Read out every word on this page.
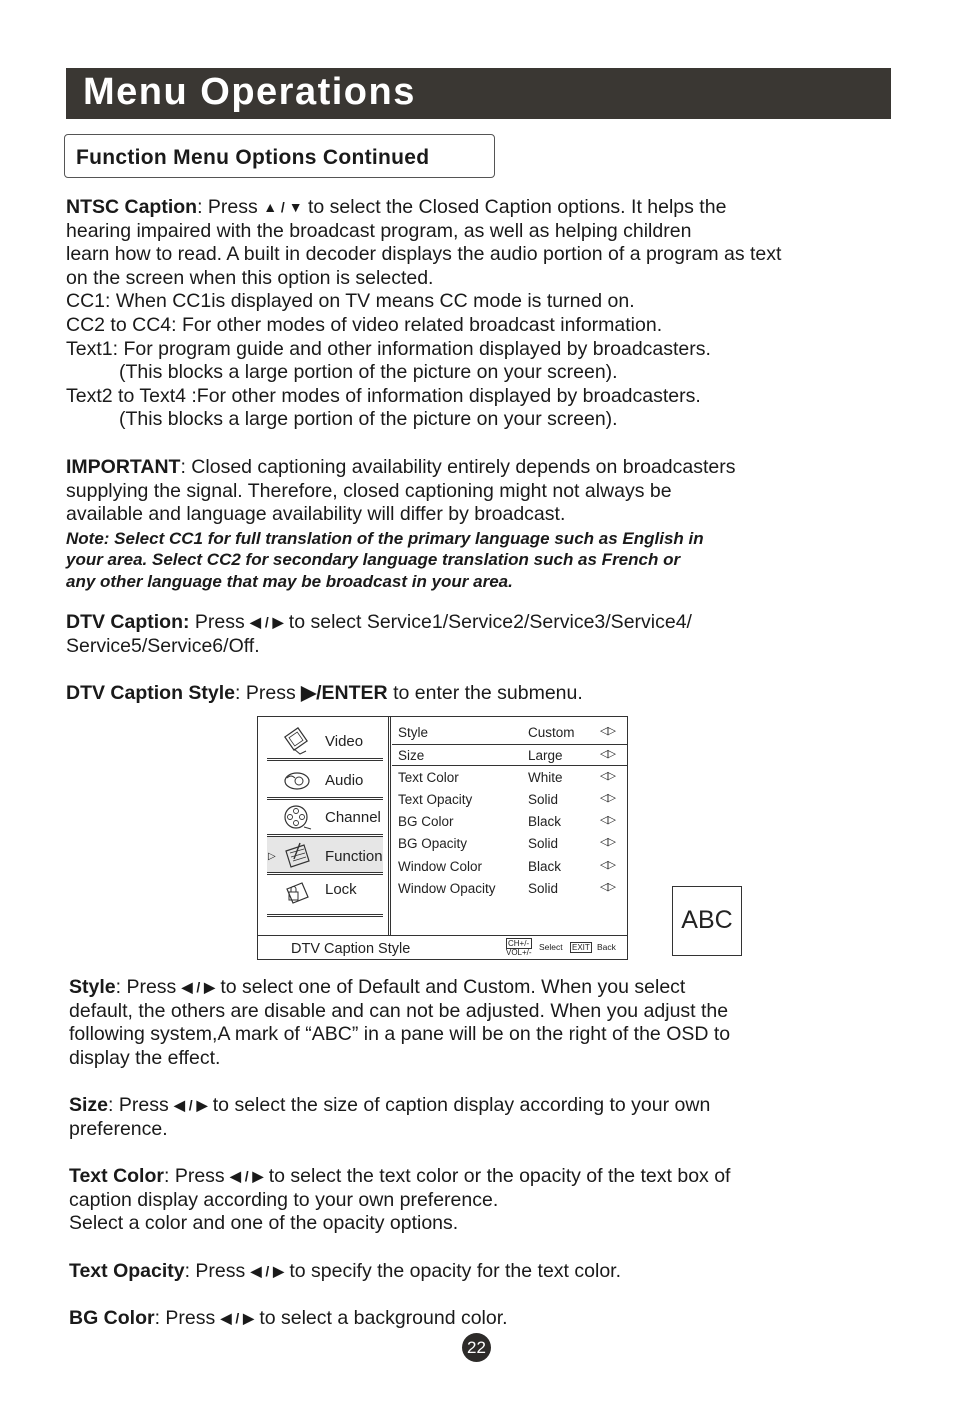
Menu Operations
Function Menu Options Continued
NTSC Caption: Press ▲ / ▼ to select the Closed Caption options. It helps the
hearing impaired with the broadcast program, as well as helping children
learn how to read. A built in decoder displays the audio portion of a program as text
on the screen when this option is selected.
CC1: When CC1is displayed on TV means CC mode is turned on.
CC2 to CC4: For other modes of video related broadcast information.
Text1: For program guide and other information displayed by broadcasters.
(This blocks a large portion of the picture on your screen).
Text2 to Text4 :For other modes of information displayed by broadcasters.
(This blocks a large portion of the picture on your screen).
IMPORTANT: Closed captioning availability entirely depends on broadcasters
supplying the signal. Therefore, closed captioning might not always be
available and language availability will differ by broadcast.
Note: Select CC1 for full translation of the primary language such as English in
your area. Select CC2 for secondary language translation such as French or
any other language that may be broadcast in your area.
DTV Caption: Press ◀ / ▶ to select Service1/Service2/Service3/Service4/
Service5/Service6/Off.
DTV Caption Style: Press ▶/ENTER to enter the submenu.
Video
Audio
Channel
▷	Function
Lock
Style	Custom ◁▷
Size	Large	◁▷
Text Color	White	◁▷
Text Opacity	Solid	◁▷
BG Color	Black	◁▷
BG Opacity	Solid	◁▷
Window Color	Black	◁▷
Window Opacity Solid	◁▷
DTV Caption Style	CH+/-
VOL+/-
Select EXIT Back
ABC
Style: Press ◀ / ▶ to select one of Default and Custom. When you select
default, the others are disable and can not be adjusted. When you adjust the
following system,A mark of “ABC” in a pane will be on the right of the OSD to
display the effect.
Size: Press ◀ / ▶ to select the size of caption display according to your own
preference.
Text Color: Press ◀ / ▶ to select the text color or the opacity of the text box of
caption display according to your own preference.
Select a color and one of the opacity options.
Text Opacity: Press ◀ / ▶ to specify the opacity for the text color.
BG Color: Press ◀ / ▶ to select a background color.
22
